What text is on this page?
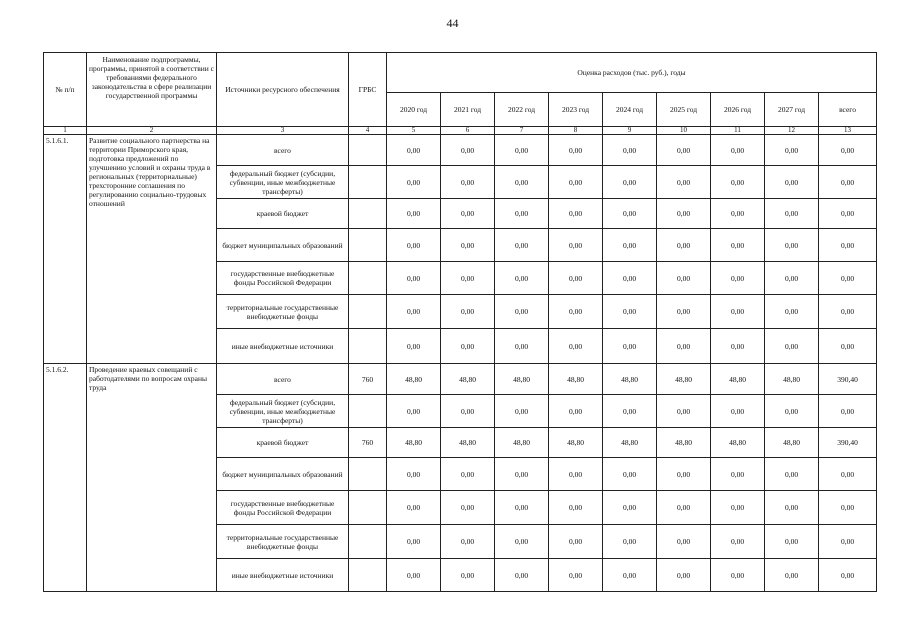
44
№ п/п	Наименование подпрограммы, программы, принятой в соответствии с требованиями федерального законодательства в сфере реализации государственной программы	Источники ресурсного обеспечения	ГРБС	Оценка расходов (тыс. руб.), годы								
				2020 год	2021 год	2022 год	2023 год	2024 год	2025 год	2026 год	2027 год	всего
1	2	3	4	5	6	7	8	9	10	11	12	13
5.1.6.1.	Развитие социального партнерства на территории Приморского края, подготовка предложений по улучшению условий и охраны труда в региональных (территориальные) трехсторонние соглашения по регулированию социально-трудовых отношений	всего		0,00	0,00	0,00	0,00	0,00	0,00	0,00	0,00	0,00
		федеральный бюджет (субсидии, субвенции, иные межбюджетные трансферты)		0,00	0,00	0,00	0,00	0,00	0,00	0,00	0,00	0,00
		краевой бюджет		0,00	0,00	0,00	0,00	0,00	0,00	0,00	0,00	0,00
		бюджет муниципальных образований		0,00	0,00	0,00	0,00	0,00	0,00	0,00	0,00	0,00
		государственные внебюджетные фонды Российской Федерации		0,00	0,00	0,00	0,00	0,00	0,00	0,00	0,00	0,00
		территориальные государственные внебюджетные фонды		0,00	0,00	0,00	0,00	0,00	0,00	0,00	0,00	0,00
		иные внебюджетные источники		0,00	0,00	0,00	0,00	0,00	0,00	0,00	0,00	0,00
5.1.6.2.	Проведение краевых совещаний с работодателями по вопросам охраны труда	всего	760	48,80	48,80	48,80	48,80	48,80	48,80	48,80	48,80	390,40
		федеральный бюджет (субсидии, субвенции, иные межбюджетные трансферты)		0,00	0,00	0,00	0,00	0,00	0,00	0,00	0,00	0,00
		краевой бюджет	760	48,80	48,80	48,80	48,80	48,80	48,80	48,80	48,80	390,40
		бюджет муниципальных образований		0,00	0,00	0,00	0,00	0,00	0,00	0,00	0,00	0,00
		государственные внебюджетные фонды Российской Федерации		0,00	0,00	0,00	0,00	0,00	0,00	0,00	0,00	0,00
		территориальные государственные внебюджетные фонды		0,00	0,00	0,00	0,00	0,00	0,00	0,00	0,00	0,00
		иные внебюджетные источники		0,00	0,00	0,00	0,00	0,00	0,00	0,00	0,00	0,00
